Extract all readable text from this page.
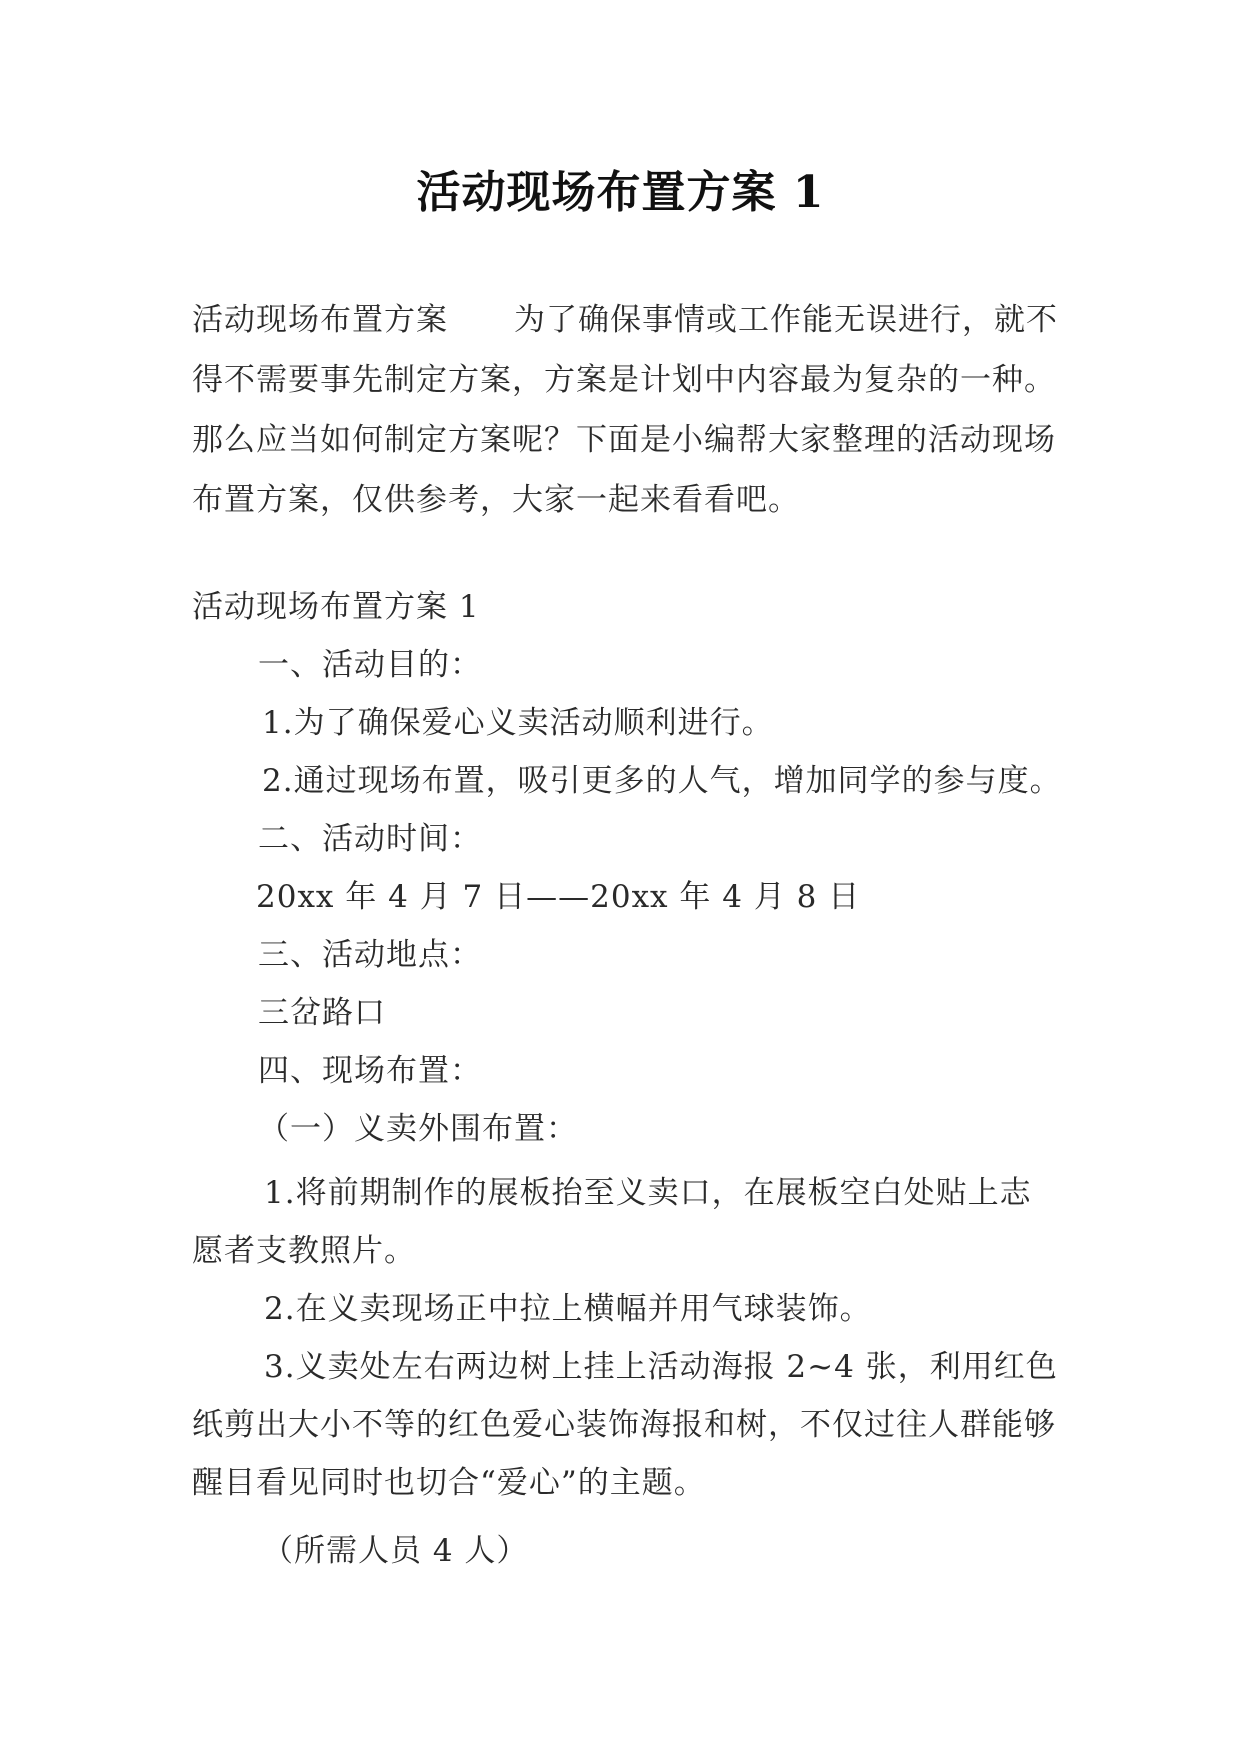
活动现场布置方案 1
活动现场布置方案 为了确保事情或工作能无误进行，就不得不需要事先制定方案，方案是计划中内容最为复杂的一种。那么应当如何制定方案呢？下面是小编帮大家整理的活动现场布置方案，仅供参考，大家一起来看看吧。
活动现场布置方案 1
一、活动目的：
1.为了确保爱心义卖活动顺利进行。
2.通过现场布置，吸引更多的人气，增加同学的参与度。
二、活动时间：
20xx 年 4 月 7 日——20xx 年 4 月 8 日
三、活动地点：
三岔路口
四、现场布置：
（一）义卖外围布置：
1.将前期制作的展板抬至义卖口，在展板空白处贴上志愿者支教照片。
2.在义卖现场正中拉上横幅并用气球装饰。
3.义卖处左右两边树上挂上活动海报 2~4 张，利用红色纸剪出大小不等的红色爱心装饰海报和树，不仅过往人群能够醒目看见同时也切合“爱心”的主题。
（所需人员 4 人）
